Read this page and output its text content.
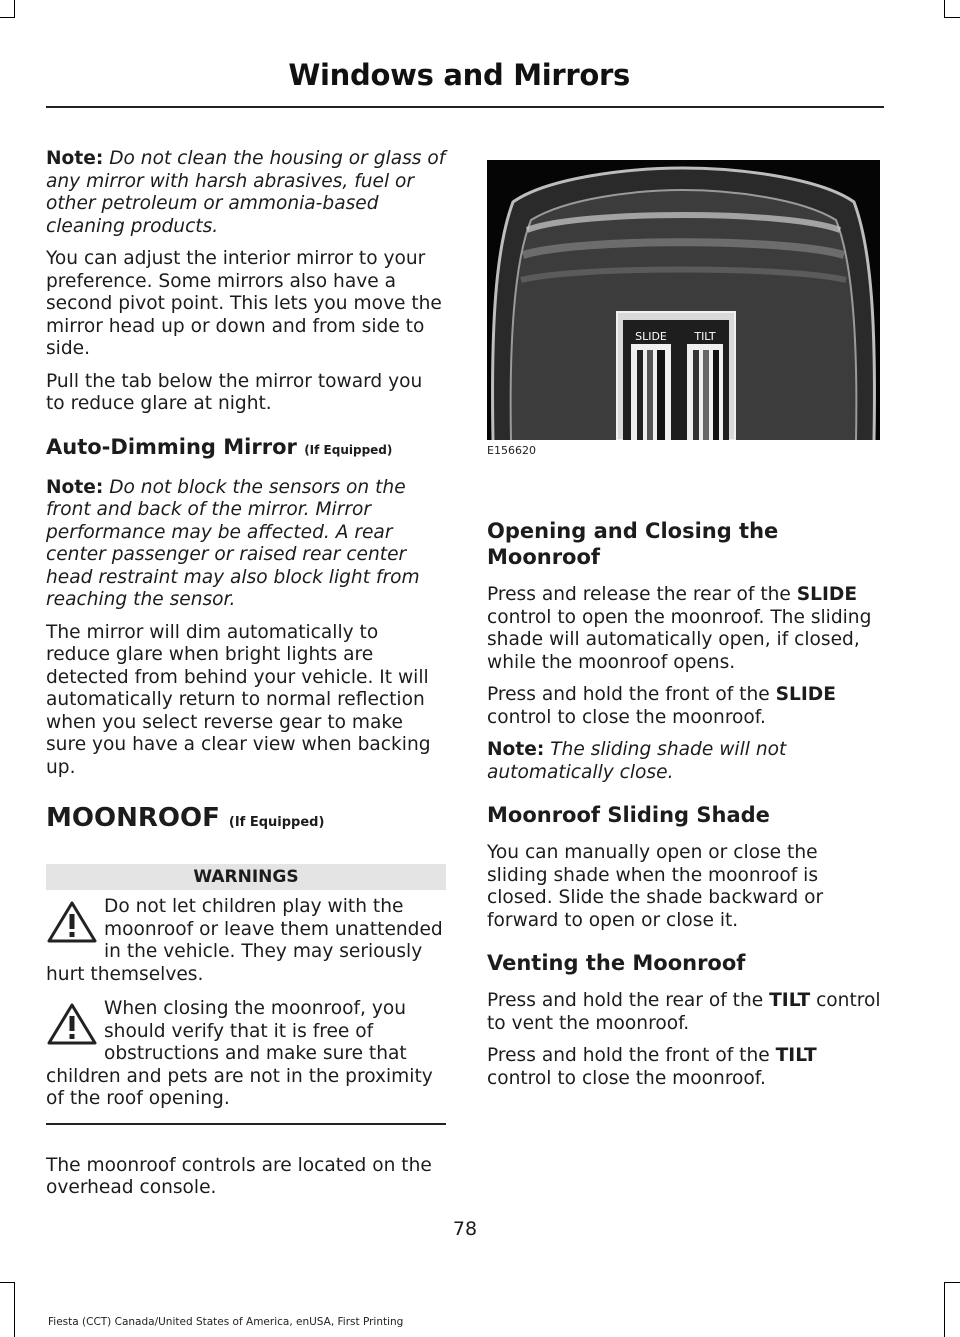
Windows and Mirrors

Note: Do not clean the housing or glass of any mirror with harsh abrasives, fuel or other petroleum or ammonia-based cleaning products.

You can adjust the interior mirror to your preference. Some mirrors also have a second pivot point. This lets you move the mirror head up or down and from side to side.

Pull the tab below the mirror toward you to reduce glare at night.

Auto-Dimming Mirror (If Equipped)

Note: Do not block the sensors on the front and back of the mirror. Mirror performance may be affected. A rear center passenger or raised rear center head restraint may also block light from reaching the sensor.

The mirror will dim automatically to reduce glare when bright lights are detected from behind your vehicle. It will automatically return to normal reflection when you select reverse gear to make sure you have a clear view when backing up.

MOONROOF (If Equipped)
WARNINGS
Do not let children play with the moonroof or leave them unattended in the vehicle. They may seriously hurt themselves.
When closing the moonroof, you should verify that it is free of obstructions and make sure that children and pets are not in the proximity of the roof opening.

The moonroof controls are located on the overhead console.

SLIDE TILT
E156620
Opening and Closing the Moonroof

Press and release the rear of the SLIDE control to open the moonroof. The sliding shade will automatically open, if closed, while the moonroof opens.

Press and hold the front of the SLIDE control to close the moonroof.

Note: The sliding shade will not automatically close.

Moonroof Sliding Shade

You can manually open or close the sliding shade when the moonroof is closed. Slide the shade backward or forward to open or close it.

Venting the Moonroof

Press and hold the rear of the TILT control to vent the moonroof.

Press and hold the front of the TILT control to close the moonroof.

78
Fiesta (CCT) Canada/United States of America, enUSA, First Printing
